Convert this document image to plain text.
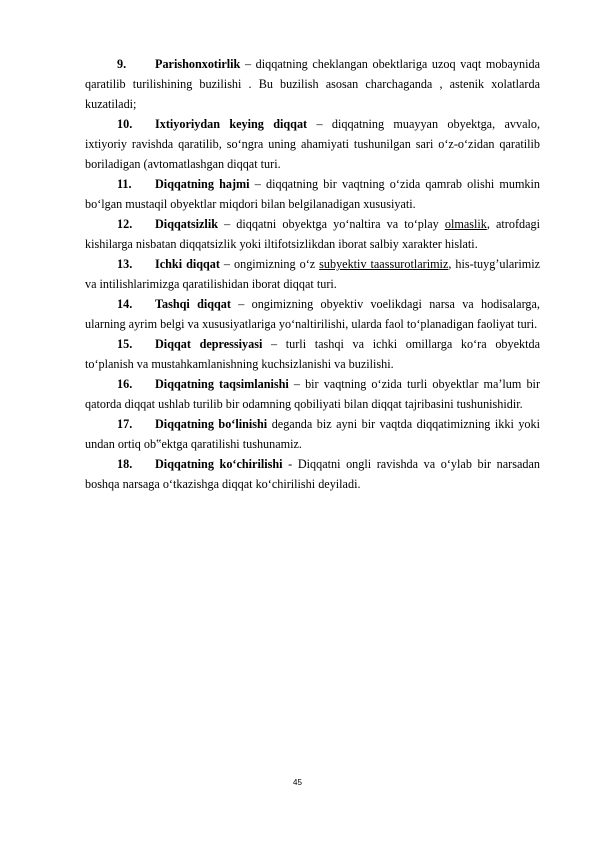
9. Parishonxotirlik – diqqatning cheklangan obektlariga uzoq vaqt mobaynida qaratilib turilishining buzilishi . Bu buzilish asosan charchaganda , astenik xolatlarda kuzatiladi;

10. Ixtiyoriydan keying diqqat – diqqatning muayyan obyektga, avvalo, ixtiyoriy ravishda qaratilib, so‘ngra uning ahamiyati tushunilgan sari o‘z-o‘zidan qaratilib boriladigan (avtomatlashgan diqqat turi.

11. Diqqatning hajmi – diqqatning bir vaqtning o‘zida qamrab olishi mumkin bo‘lgan mustaqil obyektlar miqdori bilan belgilanadigan xususiyati.

12. Diqqatsizlik – diqqatni obyektga yo‘naltira va to‘play olmaslik, atrofdagi kishilarga nisbatan diqqatsizlik yoki iltifotsizlikdan iborat salbiy xarakter hislati.

13. Ichki diqqat – ongimizning o‘z subyektiv taassurotlarimiz, his-tuyg’ularimiz va intilishlarimizga qaratilishidan iborat diqqat turi.

14. Tashqi diqqat – ongimizning obyektiv voelikdagi narsa va hodisalarga, ularning ayrim belgi va xususiyatlariga yo‘naltirilishi, ularda faol to‘planadigan faoliyat turi.

15. Diqqat depressiyasi – turli tashqi va ichki omillarga ko‘ra obyektda to‘planish va mustahkamlanishning kuchsizlanishi va buzilishi.

16. Diqqatning taqsimlanishi – bir vaqtning o‘zida turli obyektlar ma’lum bir qatorda diqqat ushlab turilib bir odamning qobiliyati bilan diqqat tajribasini tushunishidir.

17. Diqqatning bo‘linishi deganda biz ayni bir vaqtda diqqatimizning ikki yoki undan ortiq ob‟ektga qaratilishi tushunamiz.

18. Diqqatning ko‘chirilishi - Diqqatni ongli ravishda va o‘ylab bir narsadan boshqa narsaga o‘tkazishga diqqat ko‘chirilishi deyiladi.

45
